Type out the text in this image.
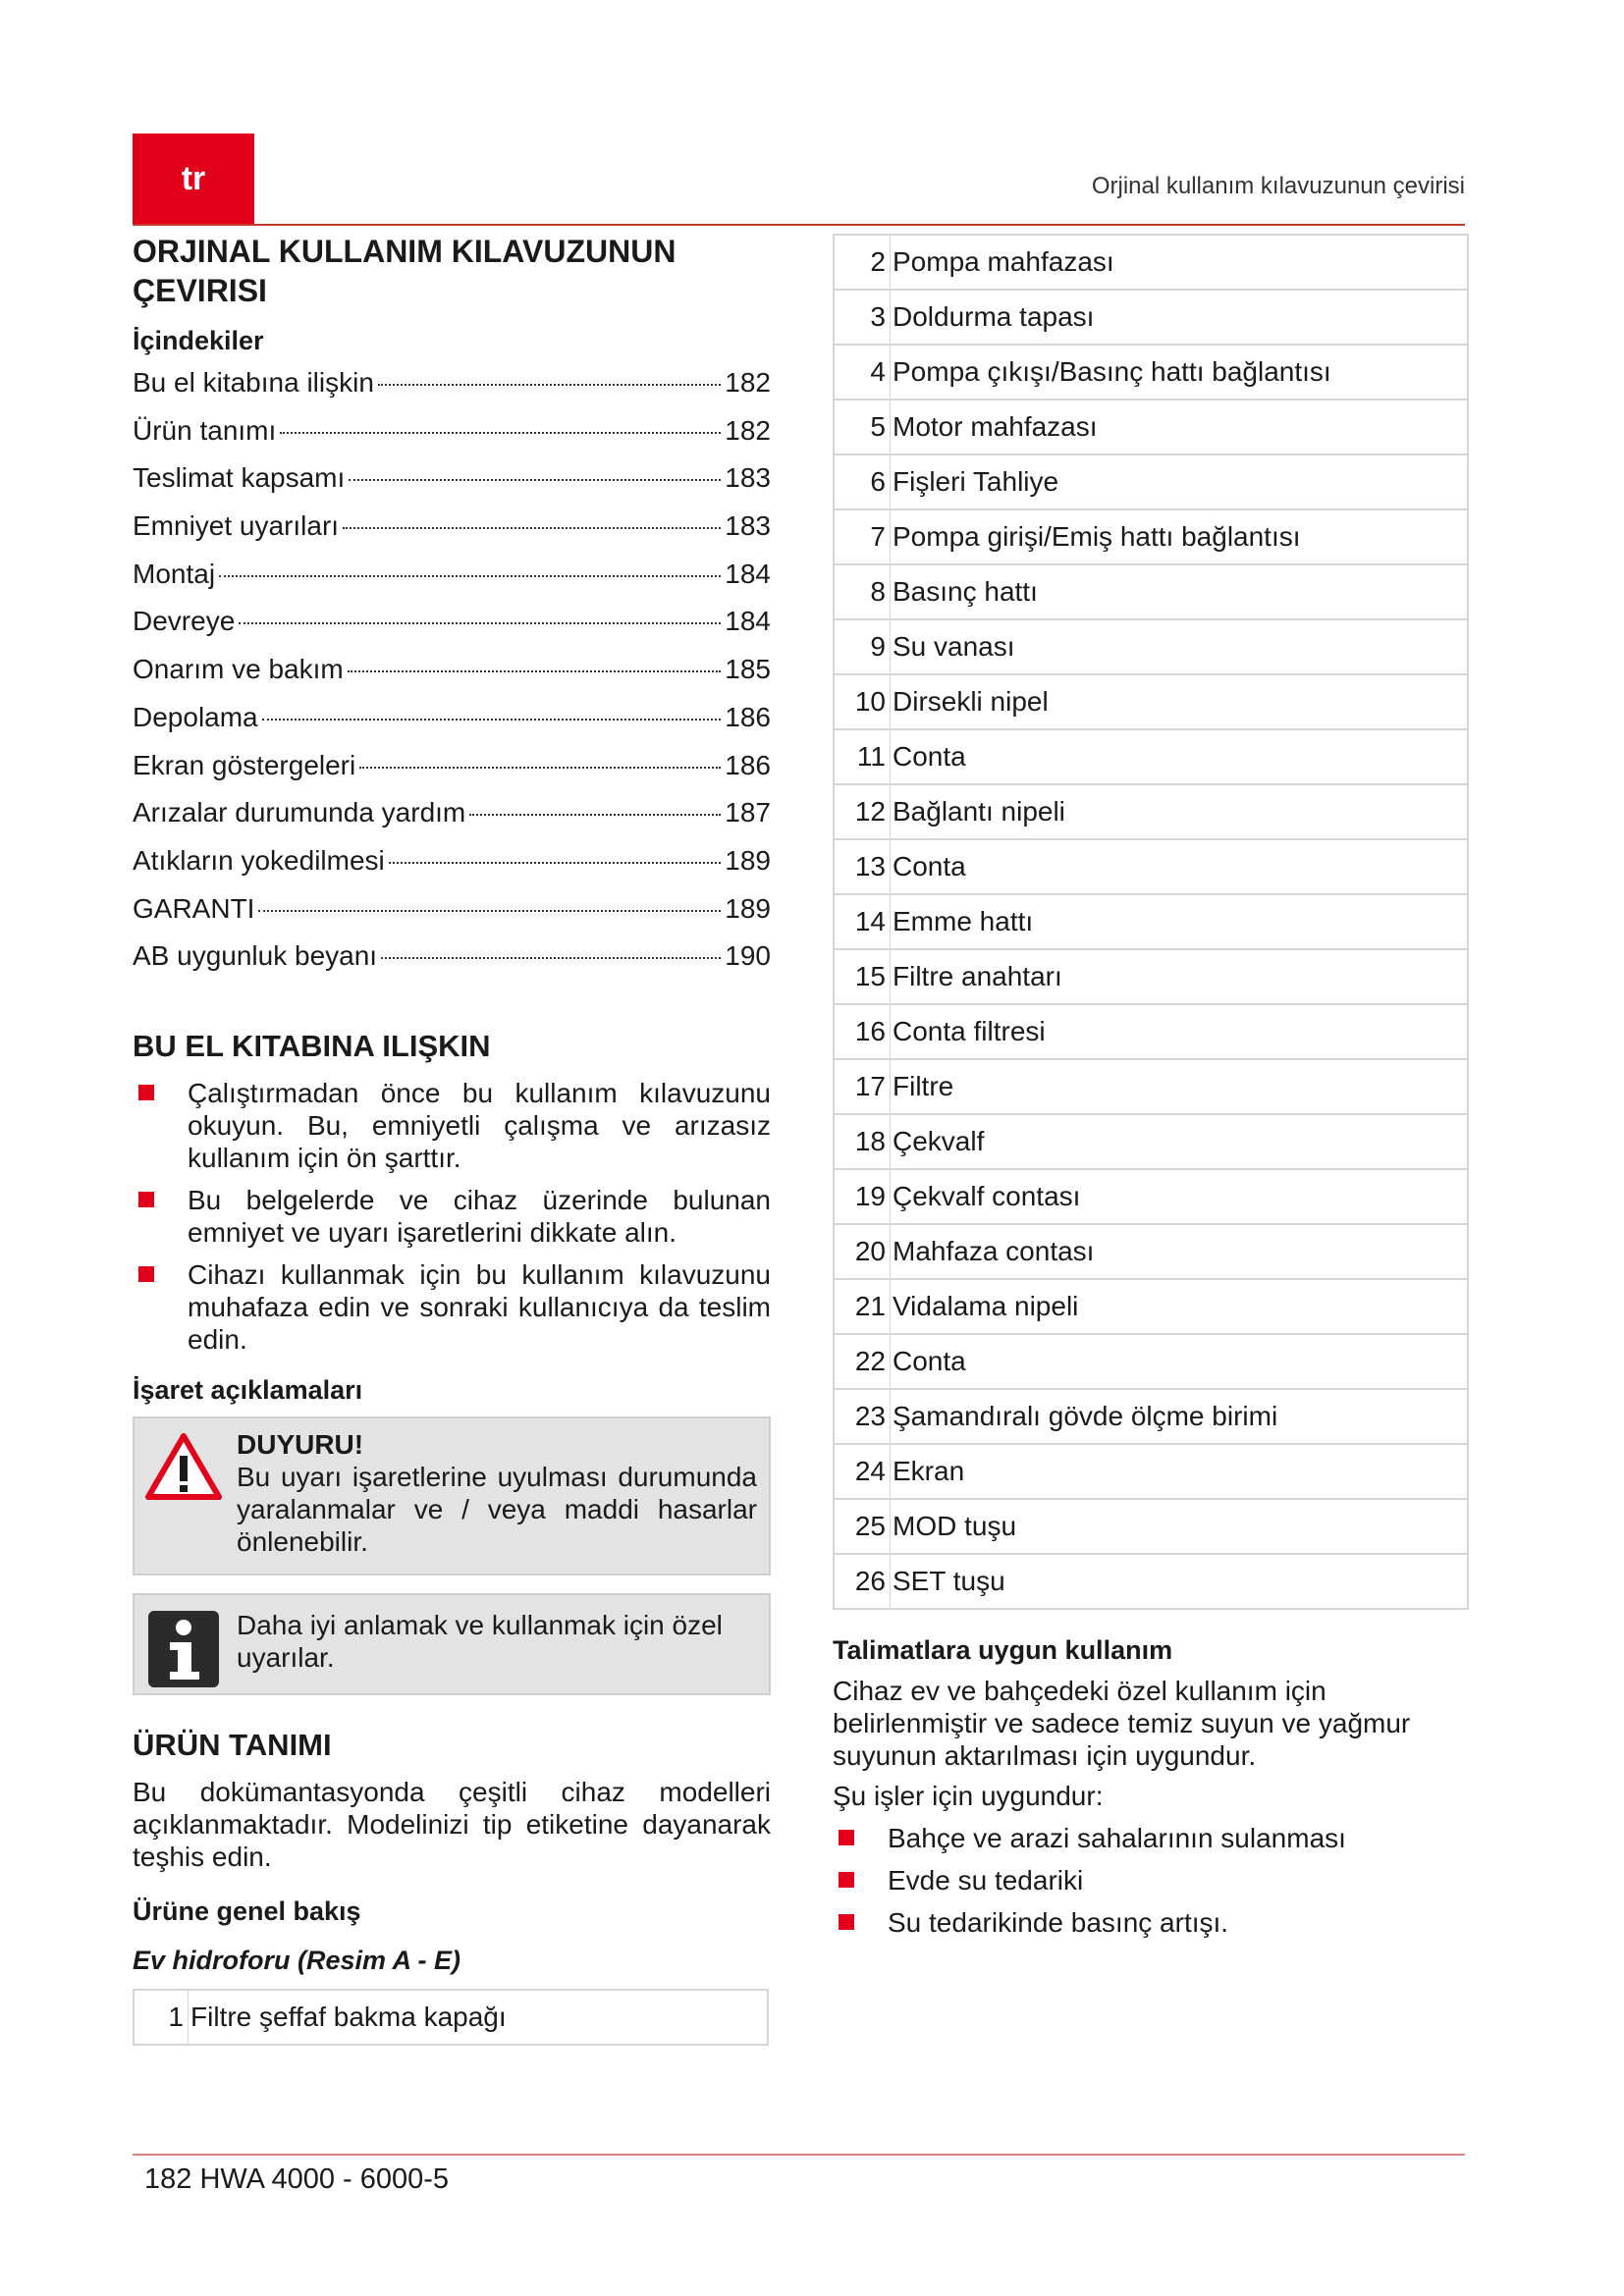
tr	Orjinal kullanım kılavuzunun çevirisi
ORJINAL KULLANIM KILAVUZUNUN
ÇEVIRISI
İçindekiler
Bu el kitabına ilişkin	182
Ürün tanımı	182
Teslimat kapsamı	183
Emniyet uyarıları	183
Montaj	184
Devreye	184
Onarım ve bakım	185
Depolama	186
Ekran göstergeleri	186
Arızalar durumunda yardım	187
Atıkların yokedilmesi	189
GARANTI	189
AB uygunluk beyanı	190
BU EL KITABINA ILIŞKIN
Çalıştırmadan önce bu kullanım kılavuzunu okuyun. Bu, emniyetli çalışma ve arızasız kullanım için ön şarttır.
Bu belgelerde ve cihaz üzerinde bulunan emniyet ve uyarı işaretlerini dikkate alın.
Cihazı kullanmak için bu kullanım kılavuzunu muhafaza edin ve sonraki kullanıcıya da teslim edin.
İşaret açıklamaları
DUYURU!
Bu uyarı işaretlerine uyulması durumunda yaralanmalar ve / veya maddi hasarlar önlenebilir.
Daha iyi anlamak ve kullanmak için özel uyarılar.
ÜRÜN TANIMI

Bu dokümantasyonda çeşitli cihaz modelleri açıklanmaktadır. Modelinizi tip etiketine dayanarak teşhis edin.

Ürüne genel bakış
Ev hidroforu (Resim A - E)
1	Filtre şeffaf bakma kapağı
2	Pompa mahfazası
3	Doldurma tapası
4	Pompa çıkışı/Basınç hattı bağlantısı
5	Motor mahfazası
6	Fişleri Tahliye
7	Pompa girişi/Emiş hattı bağlantısı
8	Basınç hattı
9	Su vanası
10	Dirsekli nipel
11	Conta
12	Bağlantı nipeli
13	Conta
14	Emme hattı
15	Filtre anahtarı
16	Conta filtresi
17	Filtre
18	Çekvalf
19	Çekvalf contası
20	Mahfaza contası
21	Vidalama nipeli
22	Conta
23	Şamandıralı gövde ölçme birimi
24	Ekran
25	MOD tuşu
26	SET tuşu
Talimatlara uygun kullanım

Cihaz ev ve bahçedeki özel kullanım için belirlenmiştir ve sadece temiz suyun ve yağmur suyunun aktarılması için uygundur.

Şu işler için uygundur:

Bahçe ve arazi sahalarının sulanması
Evde su tedariki
Su tedarikinde basınç artışı.
182 HWA 4000 - 6000-5
